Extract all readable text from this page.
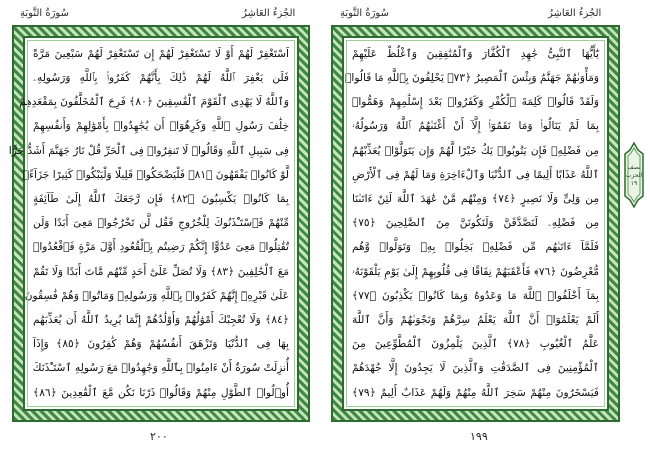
سُورَةُ التَّوبَةِ	الجُزءُ العَاشِرُ
اَسْتَغْفِرْ لَهُمْ أَوْ لَا تَسْتَغْفِرْ لَهُمْ إِن تَسْتَغْفِرْ لَهُمْ سَبْعِينَ مَرَّةً
فَلَن يَغْفِرَ ٱللَّهُ لَهُمْ ذَٰلِكَ بِأَنَّهُمْ كَفَرُوا۟ بِٱللَّهِ وَرَسُولِهِۦ
وَٱللَّهُ لَا يَهْدِى ٱلْقَوْمَ ٱلْفَٰسِقِينَ ﴿٨٠﴾ فَرِحَ ٱلْمُخَلَّفُونَ بِمَقْعَدِهِمْ
خِلَٰفَ رَسُولِ ٱللَّهِ وَكَرِهُوٓا۟ أَن يُجَٰهِدُوا۟ بِأَمْوَٰلِهِمْ وَأَنفُسِهِمْ
فِى سَبِيلِ ٱللَّهِ وَقَالُوا۟ لَا تَنفِرُوا۟ فِى ٱلْحَرِّ قُلْ نَارُ جَهَنَّمَ أَشَدُّ حَرًّا
لَّوْ كَانُوا۟ يَفْقَهُونَ ﴿٨١﴾ فَلْيَضْحَكُوا۟ قَلِيلًا وَلْيَبْكُوا۟ كَثِيرًا جَزَآءًۢ
بِمَا كَانُوا۟ يَكْسِبُونَ ﴿٨٢﴾ فَإِن رَّجَعَكَ ٱللَّهُ إِلَىٰ طَآئِفَةٍ
مِّنْهُمْ فَٱسْتَـْٔذَنُوكَ لِلْخُرُوجِ فَقُل لَّن تَخْرُجُوا۟ مَعِىَ أَبَدًا وَلَن
تُقَٰتِلُوا۟ مَعِىَ عَدُوًّا إِنَّكُمْ رَضِيتُم بِٱلْقُعُودِ أَوَّلَ مَرَّةٍ فَٱقْعُدُوا۟
مَعَ ٱلْخَٰلِفِينَ ﴿٨٣﴾ وَلَا تُصَلِّ عَلَىٰٓ أَحَدٍ مِّنْهُم مَّاتَ أَبَدًا وَلَا تَقُمْ
عَلَىٰ قَبْرِهِۦٓ إِنَّهُمْ كَفَرُوا۟ بِٱللَّهِ وَرَسُولِهِۦ وَمَاتُوا۟ وَهُمْ فَٰسِقُونَ
﴿٨٤﴾ وَلَا تُعْجِبْكَ أَمْوَٰلُهُمْ وَأَوْلَٰدُهُمْ إِنَّمَا يُرِيدُ ٱللَّهُ أَن يُعَذِّبَهُم
بِهَا فِى ٱلدُّنْيَا وَتَزْهَقَ أَنفُسُهُمْ وَهُمْ كَٰفِرُونَ ﴿٨٥﴾ وَإِذَآ
أُنزِلَتْ سُورَةٌ أَنْ ءَامِنُوا۟ بِٱللَّهِ وَجَٰهِدُوا۟ مَعَ رَسُولِهِ ٱسْتَـْٔذَنَكَ
أُو۟لُوا۟ ٱلطَّوْلِ مِنْهُمْ وَقَالُوا۟ ذَرْنَا نَكُن مَّعَ ٱلْقَٰعِدِينَ ﴿٨٦﴾
٢٠٠
سُورَةُ التَّوبَةِ	الجُزءُ العَاشِرُ
يَٰٓأَيُّهَا ٱلنَّبِىُّ جَٰهِدِ ٱلْكُفَّارَ وَٱلْمُنَٰفِقِينَ وَٱغْلُظْ عَلَيْهِمْ
وَمَأْوَىٰهُمْ جَهَنَّمُ وَبِئْسَ ٱلْمَصِيرُ ﴿٧٣﴾ يَحْلِفُونَ بِٱللَّهِ مَا قَالُوا۟
وَلَقَدْ قَالُوا۟ كَلِمَةَ ٱلْكُفْرِ وَكَفَرُوا۟ بَعْدَ إِسْلَٰمِهِمْ وَهَمُّوا۟
بِمَا لَمْ يَنَالُوا۟ وَمَا نَقَمُوٓا۟ إِلَّآ أَنْ أَغْنَىٰهُمُ ٱللَّهُ وَرَسُولُهُۥ
مِن فَضْلِهِۦ فَإِن يَتُوبُوا۟ يَكُ خَيْرًا لَّهُمْ وَإِن يَتَوَلَّوْا۟ يُعَذِّبْهُمُ
ٱللَّهُ عَذَابًا أَلِيمًا فِى ٱلدُّنْيَا وَٱلْءَاخِرَةِ وَمَا لَهُمْ فِى ٱلْأَرْضِ
مِن وَلِىٍّ وَلَا نَصِيرٍ ﴿٧٤﴾ وَمِنْهُم مَّنْ عَٰهَدَ ٱللَّهَ لَئِنْ ءَاتَىٰنَا
مِن فَضْلِهِۦ لَنَصَّدَّقَنَّ وَلَنَكُونَنَّ مِنَ ٱلصَّٰلِحِينَ ﴿٧٥﴾
فَلَمَّآ ءَاتَىٰهُم مِّن فَضْلِهِۦ بَخِلُوا۟ بِهِۦ وَتَوَلَّوا۟ وَّهُم
مُّعْرِضُونَ ﴿٧٦﴾ فَأَعْقَبَهُمْ نِفَاقًا فِى قُلُوبِهِمْ إِلَىٰ يَوْمِ يَلْقَوْنَهُۥ
بِمَآ أَخْلَفُوا۟ ٱللَّهَ مَا وَعَدُوهُ وَبِمَا كَانُوا۟ يَكْذِبُونَ ﴿٧٧﴾
أَلَمْ يَعْلَمُوٓا۟ أَنَّ ٱللَّهَ يَعْلَمُ سِرَّهُمْ وَنَجْوَىٰهُمْ وَأَنَّ ٱللَّهَ
عَلَّٰمُ ٱلْغُيُوبِ ﴿٧٨﴾ ٱلَّذِينَ يَلْمِزُونَ ٱلْمُطَّوِّعِينَ مِنَ
ٱلْمُؤْمِنِينَ فِى ٱلصَّدَقَٰتِ وَٱلَّذِينَ لَا يَجِدُونَ إِلَّا جُهْدَهُمْ
فَيَسْخَرُونَ مِنْهُمْ سَخِرَ ٱللَّهُ مِنْهُمْ وَلَهُمْ عَذَابٌ أَلِيمٌ ﴿٧٩﴾
١٩٩
نصف الحزب
١٩
